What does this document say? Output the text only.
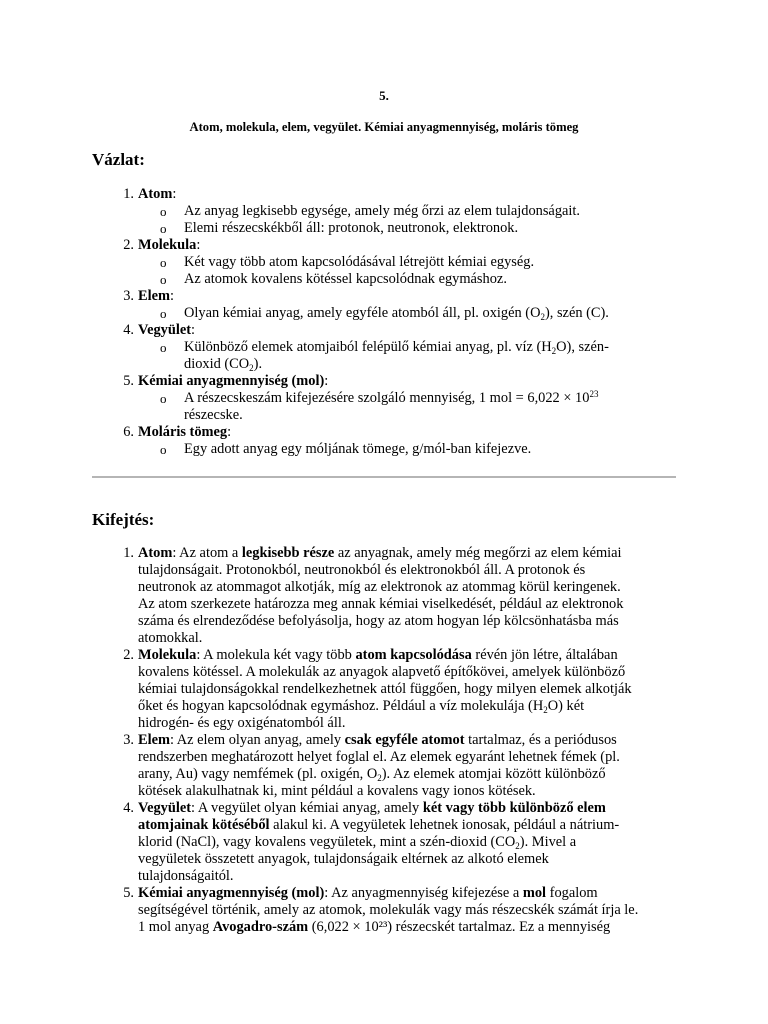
5.
Atom, molekula, elem, vegyület. Kémiai anyagmennyiség, moláris tömeg
Vázlat:
1. Atom:
o Az anyag legkisebb egysége, amely még őrzi az elem tulajdonságait.
o Elemi részecskékből áll: protonok, neutronok, elektronok.
2. Molekula:
o Két vagy több atom kapcsolódásával létrejött kémiai egység.
o Az atomok kovalens kötéssel kapcsolódnak egymáshoz.
3. Elem:
o Olyan kémiai anyag, amely egyféle atomból áll, pl. oxigén $(O_2)$, szén (C).
4. Vegyület:
o Különböző elemek atomjaiból felépülő kémiai anyag, pl. víz $(H_2O)$, szén-
dioxid $(CO_2)$.
5. Kémiai anyagmennyiség (mol):
o A részecskeszám kifejezésére szolgáló mennyiség, 1 mol = $6,022 \times 10^{23}$
részecske.
6. Moláris tömeg:
o Egy adott anyag egy móljának tömege, g/mól-ban kifejezve.
Kifejtés:
1. Atom: Az atom a legkisebb része az anyagnak, amely még megőrzi az elem kémiai
tulajdonságait. Protonokból, neutronokból és elektronokból áll. A protonok és
neutronok az atommagot alkotják, míg az elektronok az atommag körül keringenek.
Az atom szerkezete határozza meg annak kémiai viselkedését, például az elektronok
száma és elrendeződése befolyásolja, hogy az atom hogyan lép kölcsönhatásba más
atomokkal.
2. Molekula: A molekula két vagy több atom kapcsolódása révén jön létre, általában
kovalens kötéssel. A molekulák az anyagok alapvető építőkövei, amelyek különböző
kémiai tulajdonságokkal rendelkezhetnek attól függően, hogy milyen elemek alkotják
őket és hogyan kapcsolódnak egymáshoz. Például a víz molekulája $(H_2O)$ két
hidrogén- és egy oxigénatomból áll.
3. Elem: Az elem olyan anyag, amely csak egyféle atomot tartalmaz, és a periódusos
rendszerben meghatározott helyet foglal el. Az elemek egyaránt lehetnek fémek (pl.
arany, Au) vagy nemfémek (pl. oxigén, $O_2$). Az elemek atomjai között különböző
kötések alakulhatnak ki, mint például a kovalens vagy ionos kötések.
4. Vegyület: A vegyület olyan kémiai anyag, amely két vagy több különböző elem
atomjainak kötéséből alakul ki. A vegyületek lehetnek ionosak, például a nátrium-
klorid (NaCl), vagy kovalens vegyületek, mint a szén-dioxid $(CO_2)$. Mivel a
vegyületek összetett anyagok, tulajdonságaik eltérnek az alkotó elemek
tulajdonságaitól.
5. Kémiai anyagmennyiség (mol): Az anyagmennyiség kifejezése a mol fogalom
segítségével történik, amely az atomok, molekulák vagy más részecskék számát írja le.
1 mol anyag Avogadro-szám (6,022 × 10²³) részecskét tartalmaz. Ez a mennyiség
